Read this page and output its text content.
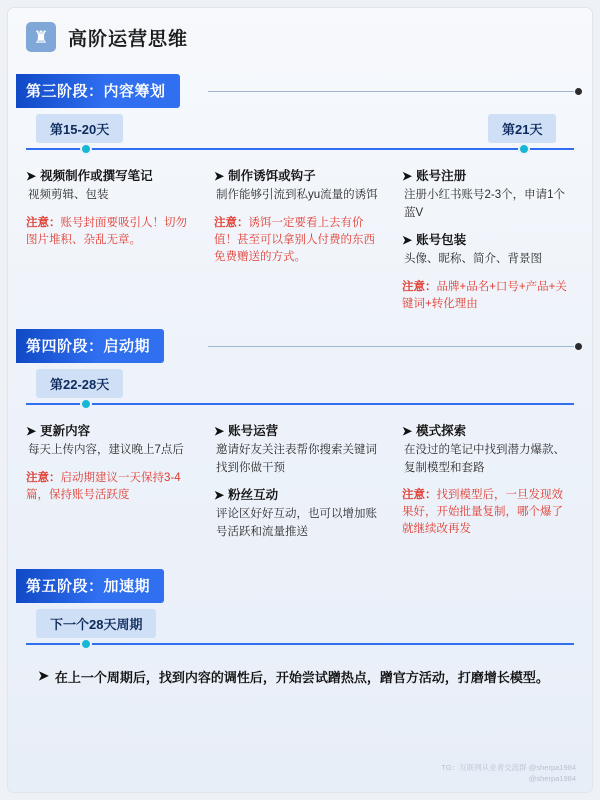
♜	高阶运营思维
第三阶段：内容筹划
第15-20天	第21天
➤ 视频制作或撰写笔记
视频剪辑、包装
注意：账号封面要吸引人！切勿图片堆积、杂乱无章。
➤ 制作诱饵或钩子
制作能够引流到私yu流量的诱饵
注意：诱饵一定要看上去有价值！甚至可以拿别人付费的东西免费赠送的方式。
➤ 账号注册
注册小红书账号2-3个，申请1个蓝V
➤ 账号包装
头像、昵称、简介、背景图
注意：品牌+品名+口号+产品+关键词+转化理由
第四阶段：启动期
第22-28天
➤ 更新内容
每天上传内容，建议晚上7点后
注意：启动期建议一天保持3-4篇，保持账号活跃度
➤ 账号运营
邀请好友关注表帮你搜索关键词找到你做干预
➤ 粉丝互动
评论区好好互动，也可以增加账号活跃和流量推送
➤ 模式探索
在没过的笔记中找到潜力爆款、复制模型和套路
注意：找到模型后，一旦发现效果好，开始批量复制，哪个爆了 就继续改再发
第五阶段：加速期
下一个28天周期
➤ 在上一个周期后，找到内容的调性后，开始尝试蹭热点，蹭官方活动，打磨增长模型。
TG：互联网从业者交流群 @sherpa1984
@sherpa1984
